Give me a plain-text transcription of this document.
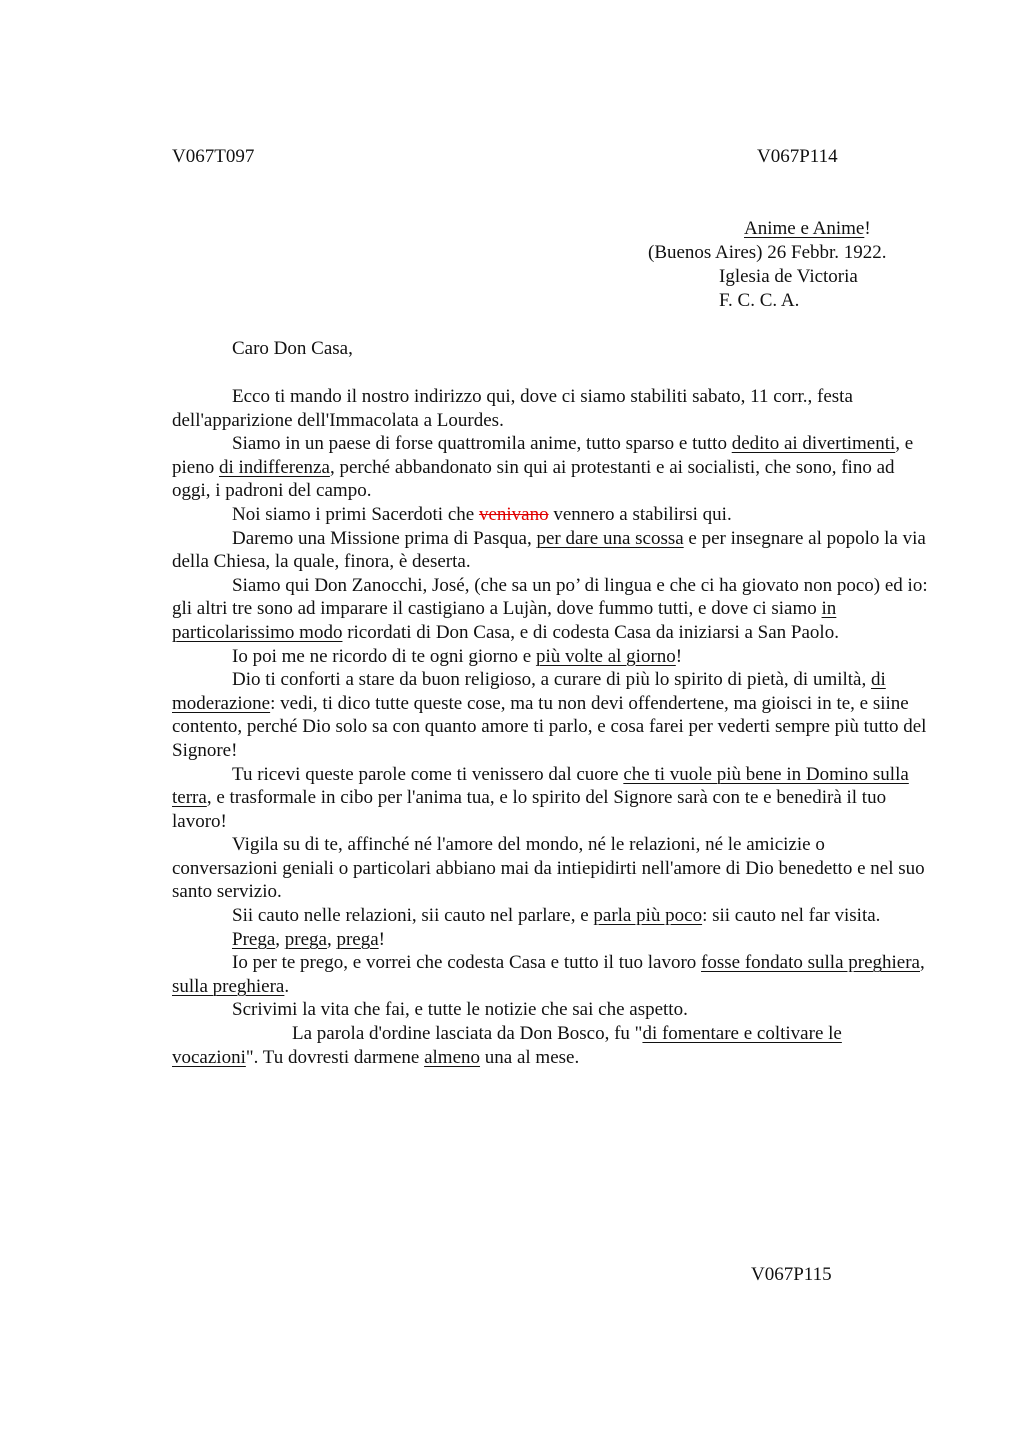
V067T097	V067P114
Anime e Anime!
(Buenos Aires) 26 Febbr. 1922.
Iglesia de Victoria
F. C. C. A.
Caro Don Casa,

Ecco ti mando il nostro indirizzo qui, dove ci siamo stabiliti sabato, 11 corr., festa dell'apparizione dell'Immacolata a Lourdes.

Siamo in un paese di forse quattromila anime, tutto sparso e tutto dedito ai divertimenti, e pieno di indifferenza, perché abbandonato sin qui ai protestanti e ai socialisti, che sono, fino ad oggi, i padroni del campo.

Noi siamo i primi Sacerdoti che venivano vennero a stabilirsi qui.

Daremo una Missione prima di Pasqua, per dare una scossa e per insegnare al popolo la via della Chiesa, la quale, finora, è deserta.

Siamo qui Don Zanocchi, José, (che sa un po’ di lingua e che ci ha giovato non poco) ed io: gli altri tre sono ad imparare il castigiano a Lujàn, dove fummo tutti, e dove ci siamo in particolarissimo modo ricordati di Don Casa, e di codesta Casa da iniziarsi a San Paolo.

Io poi me ne ricordo di te ogni giorno e più volte al giorno!

Dio ti conforti a stare da buon religioso, a curare di più lo spirito di pietà, di umiltà, di moderazione: vedi, ti dico tutte queste cose, ma tu non devi offendertene, ma gioisci in te, e siine contento, perché Dio solo sa con quanto amore ti parlo, e cosa farei per vederti sempre più tutto del Signore!

Tu ricevi queste parole come ti venissero dal cuore che ti vuole più bene in Domino sulla terra, e trasformale in cibo per l'anima tua, e lo spirito del Signore sarà con te e benedirà il tuo lavoro!

Vigila su di te, affinché né l'amore del mondo, né le relazioni, né le amicizie o conversazioni geniali o particolari abbiano mai da intiepidirti nell'amore di Dio benedetto e nel suo santo servizio.

Sii cauto nelle relazioni, sii cauto nel parlare, e parla più poco: sii cauto nel far visita.

Prega, prega, prega!

Io per te prego, e vorrei che codesta Casa e tutto il tuo lavoro fosse fondato sulla preghiera, sulla preghiera.

Scrivimi la vita che fai, e tutte le notizie che sai che aspetto.

La parola d'ordine lasciata da Don Bosco, fu "di fomentare e coltivare le vocazioni". Tu dovresti darmene almeno una al mese.

V067P115
